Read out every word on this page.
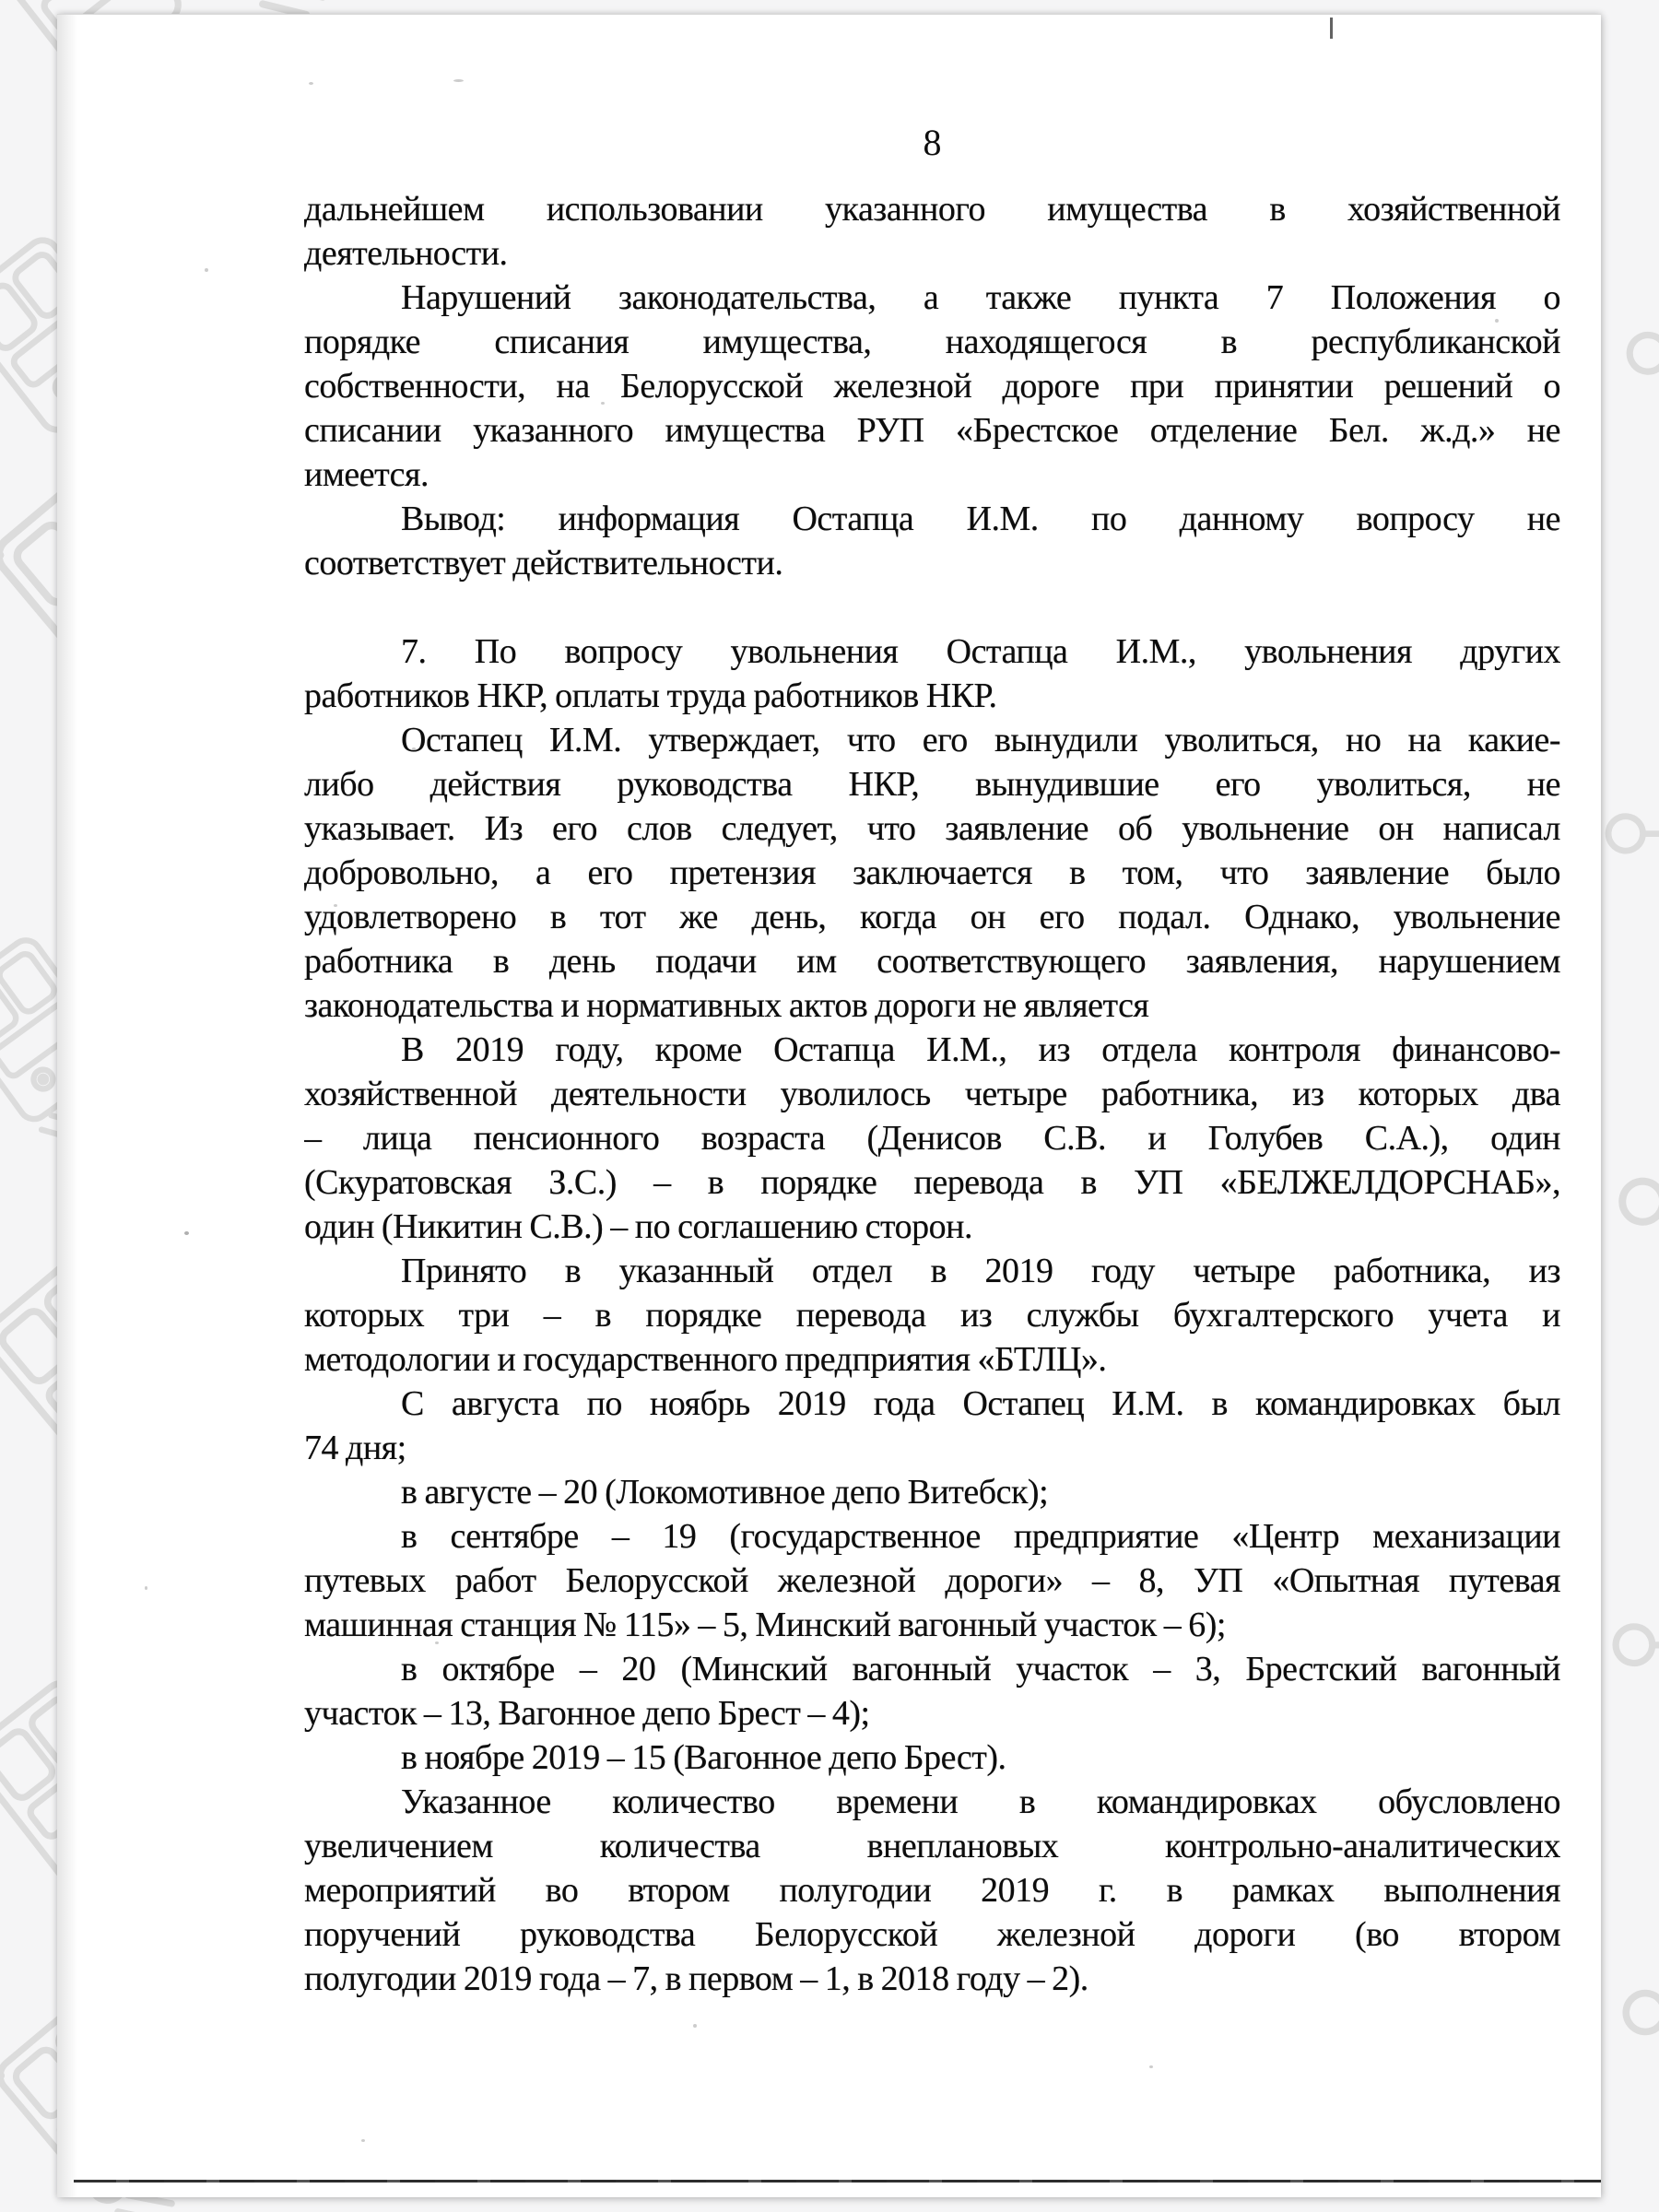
8
дальнейшем использовании указанного имущества в хозяйственной
деятельности.
Нарушений законодательства, а также пункта 7 Положения о
порядке списания имущества, находящегося в республиканской
собственности, на Белорусской железной дороге при принятии решений о
списании указанного имущества РУП «Брестское отделение Бел. ж.д.» не
имеется.
Вывод: информация Остапца И.М. по данному вопросу не
соответствует действительности.
7. По вопросу увольнения Остапца И.М., увольнения других
работников НКР, оплаты труда работников НКР.
Остапец И.М. утверждает, что его вынудили уволиться, но на какие-
либо действия руководства НКР, вынудившие его уволиться, не
указывает. Из его слов следует, что заявление об увольнение он написал
добровольно, а его претензия заключается в том, что заявление было
удовлетворено в тот же день, когда он его подал. Однако, увольнение
работника в день подачи им соответствующего заявления, нарушением
законодательства и нормативных актов дороги не является
В 2019 году, кроме Остапца И.М., из отдела контроля финансово-
хозяйственной деятельности уволилось четыре работника, из которых два
– лица пенсионного возраста (Денисов С.В. и Голубев С.А.), один
(Скуратовская З.С.) – в порядке перевода в УП «БЕЛЖЕЛДОРСНАБ»,
один (Никитин С.В.) – по соглашению сторон.
Принято в указанный отдел в 2019 году четыре работника, из
которых три – в порядке перевода из службы бухгалтерского учета и
методологии и государственного предприятия «БТЛЦ».
С августа по ноябрь 2019 года Остапец И.М. в командировках был
74 дня;
в августе – 20 (Локомотивное депо Витебск);
в сентябре – 19 (государственное предприятие «Центр механизации
путевых работ Белорусской железной дороги» – 8, УП «Опытная путевая
машинная станция № 115» – 5, Минский вагонный участок – 6);
в октябре – 20 (Минский вагонный участок – 3, Брестский вагонный
участок – 13, Вагонное депо Брест – 4);
в ноябре 2019 – 15 (Вагонное депо Брест).
Указанное количество времени в командировках обусловлено
увеличением количества внеплановых контрольно-аналитических
мероприятий во втором полугодии 2019 г. в рамках выполнения
поручений руководства Белорусской железной дороги (во втором
полугодии 2019 года – 7, в первом – 1, в 2018 году – 2).
